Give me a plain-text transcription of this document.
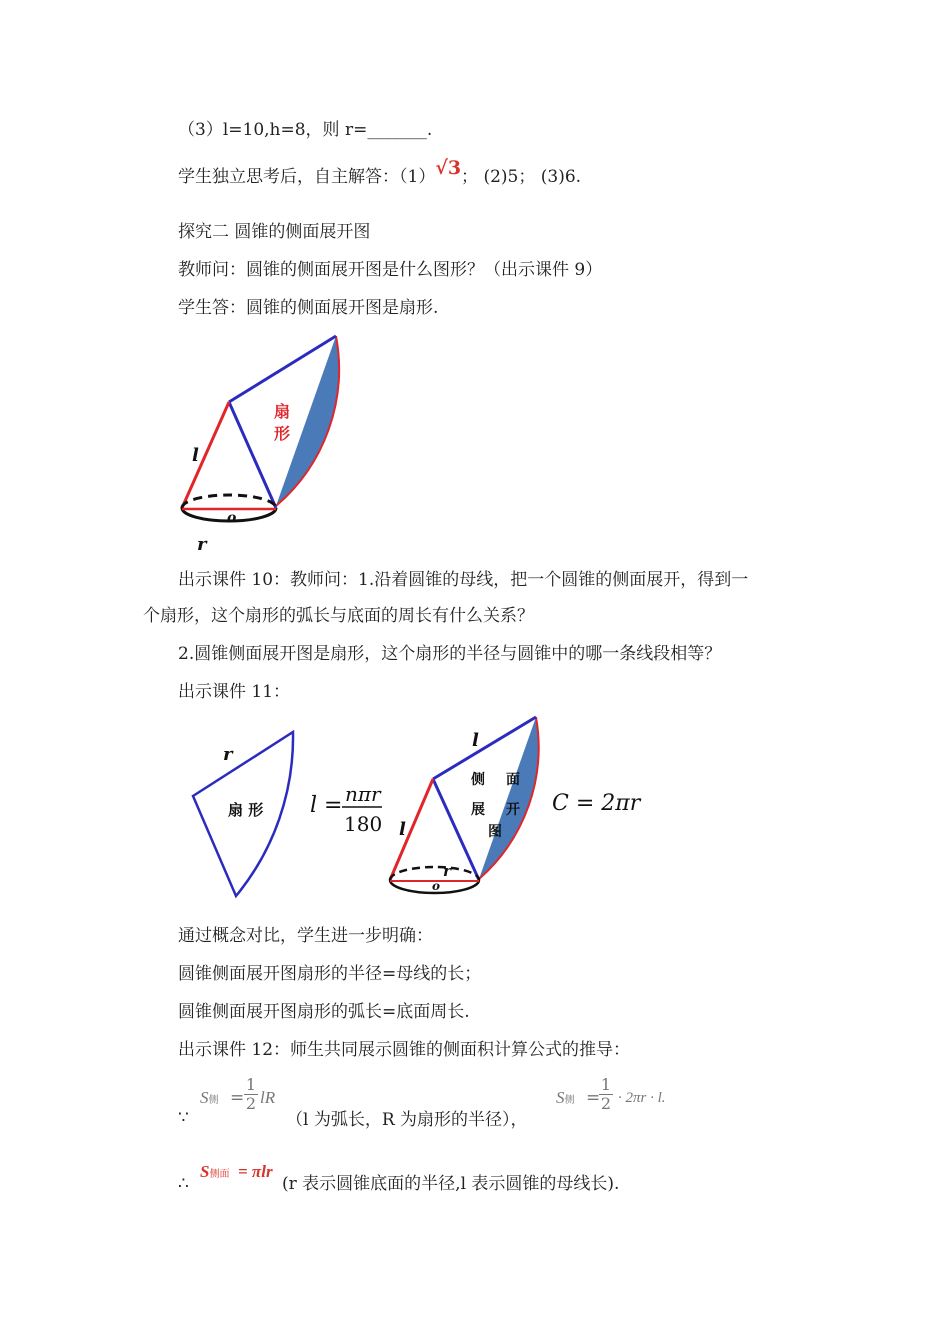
（3）l=10,h=8，则 r=_______.
学生独立思考后，自主解答：（1）√3； (2)5； (3)6.
探究二 圆锥的侧面展开图
教师问：圆锥的侧面展开图是什么图形？（出示课件 9）
学生答：圆锥的侧面展开图是扇形.
扇
形
l
o
r
出示课件 10：教师问：1.沿着圆锥的母线，把一个圆锥的侧面展开，得到一
个扇形，这个扇形的弧长与底面的周长有什么关系？
2.圆锥侧面展开图是扇形，这个扇形的半径与圆锥中的哪一条线段相等？
出示课件 11：
r
扇 形 l = nπr
180
l
侧 面
展 开
图
l
r
o
C = 2πr
通过概念对比，学生进一步明确：
圆锥侧面展开图扇形的半径=母线的长；
圆锥侧面展开图扇形的弧长=底面周长.
出示课件 12：师生共同展示圆锥的侧面积计算公式的推导：
∵
S侧 =
1
2 lR
（l 为弧长，R 为扇形的半径），
S侧 =
1
2 · 2πr · l.
∴
S侧面 = πlr
(r 表示圆锥底面的半径,l 表示圆锥的母线长).
